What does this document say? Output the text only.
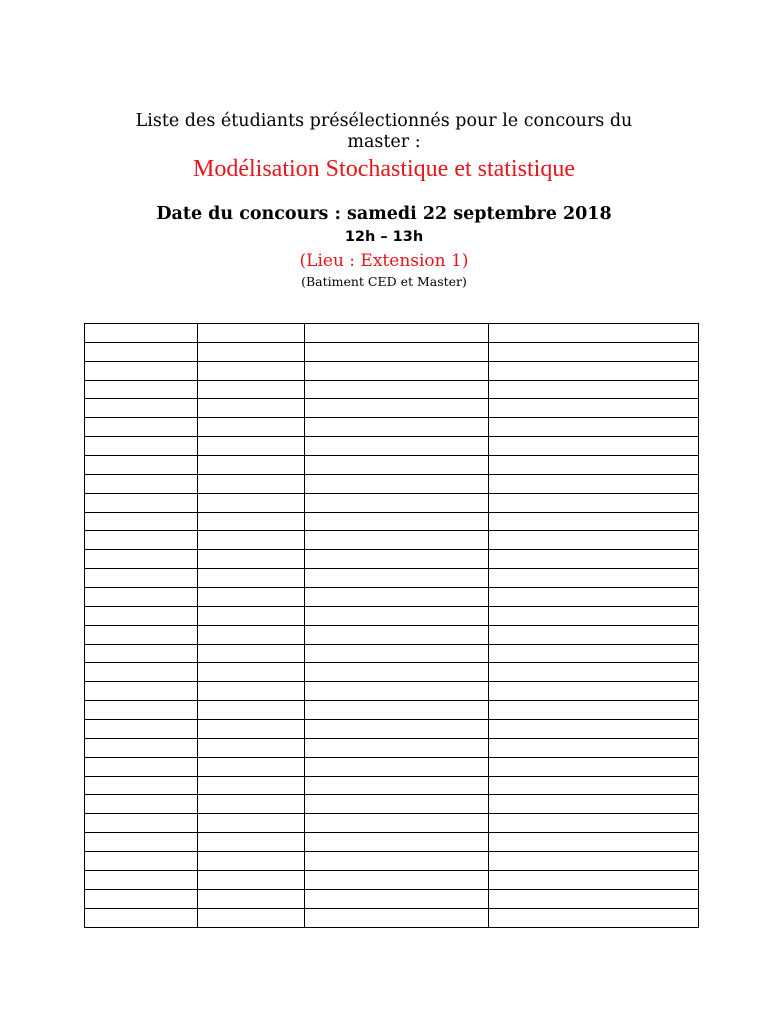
Liste des étudiants présélectionnés pour le concours du
master :
Modélisation Stochastique et statistique
Date du concours : samedi 22 septembre 2018
12h – 13h
(Lieu : Extension 1)
(Batiment CED et Master)
